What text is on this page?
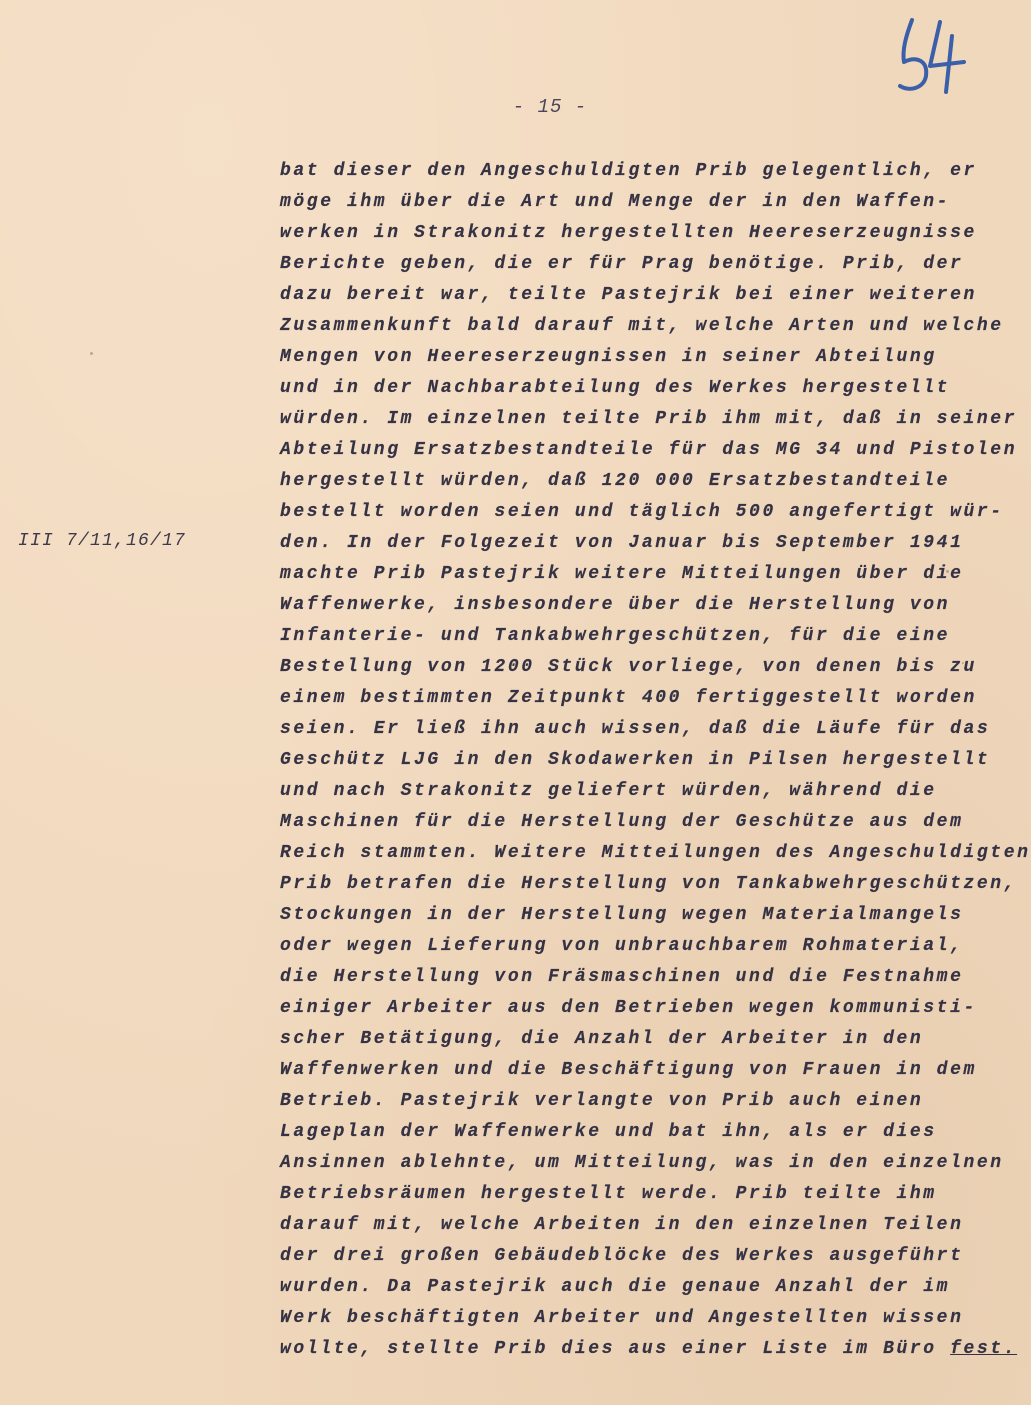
- 15 -
III 7/11,16/17
bat dieser den Angeschuldigten Prib gelegentlich, er
möge ihm über die Art und Menge der in den Waffen-
werken in Strakonitz hergestellten Heereserzeugnisse
Berichte geben, die er für Prag benötige. Prib, der
dazu bereit war, teilte Pastejrik bei einer weiteren
Zusammenkunft bald darauf mit, welche Arten und welche
Mengen von Heereserzeugnissen in seiner Abteilung
und in der Nachbarabteilung des Werkes hergestellt
würden. Im einzelnen teilte Prib ihm mit, daß in seiner
Abteilung Ersatzbestandteile für das MG 34 und Pistolen
hergestellt würden, daß 120 000 Ersatzbestandteile
bestellt worden seien und täglich 500 angefertigt wür-
den. In der Folgezeit von Januar bis September 1941
machte Prib Pastejrik weitere Mitteilungen über die
Waffenwerke, insbesondere über die Herstellung von
Infanterie- und Tankabwehrgeschützen, für die eine
Bestellung von 1200 Stück vorliege, von denen bis zu
einem bestimmten Zeitpunkt 400 fertiggestellt worden
seien. Er ließ ihn auch wissen, daß die Läufe für das
Geschütz LJG in den Skodawerken in Pilsen hergestellt
und nach Strakonitz geliefert würden, während die
Maschinen für die Herstellung der Geschütze aus dem
Reich stammten. Weitere Mitteilungen des Angeschuldigten
Prib betrafen die Herstellung von Tankabwehrgeschützen,
Stockungen in der Herstellung wegen Materialmangels
oder wegen Lieferung von unbrauchbarem Rohmaterial,
die Herstellung von Fräsmaschinen und die Festnahme
einiger Arbeiter aus den Betrieben wegen kommunisti-
scher Betätigung, die Anzahl der Arbeiter in den
Waffenwerken und die Beschäftigung von Frauen in dem
Betrieb. Pastejrik verlangte von Prib auch einen
Lageplan der Waffenwerke und bat ihn, als er dies
Ansinnen ablehnte, um Mitteilung, was in den einzelnen
Betriebsräumen hergestellt werde. Prib teilte ihm
darauf mit, welche Arbeiten in den einzelnen Teilen
der drei großen Gebäudeblöcke des Werkes ausgeführt
wurden. Da Pastejrik auch die genaue Anzahl der im
Werk beschäftigten Arbeiter und Angestellten wissen
wollte, stellte Prib dies aus einer Liste im Büro fest.
